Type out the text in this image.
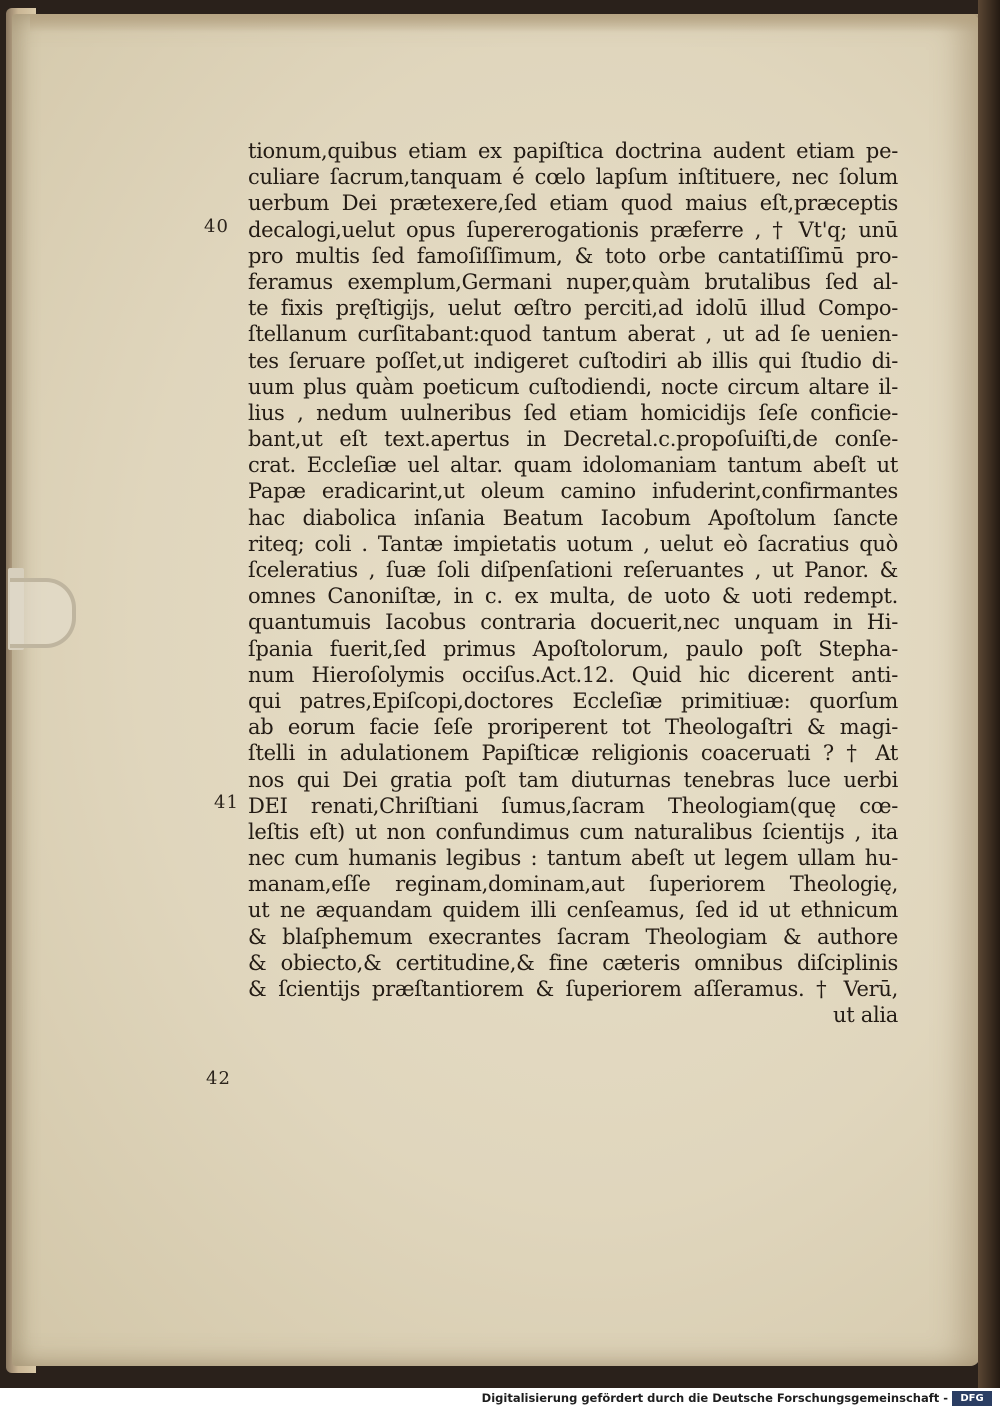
40
41
42
tionum,quibus etiam ex papiſtica doctrina audent etiam pe-
culiare ſacrum,tanquam é cœlo lapſum inſtituere, nec ſolum
uerbum Dei prætexere,ſed etiam quod maius eſt,præceptis
decalogi,uelut opus ſupererogationis præferre , † Vt'q; unū
pro multis ſed famoſiſſimum, & toto orbe cantatiſſimū pro-
feramus exemplum,Germani nuper,quàm brutalibus ſed al-
te fixis pręſtigijs, uelut œſtro perciti,ad idolū illud Compo-
ſtellanum curſitabant:quod tantum aberat , ut ad ſe uenien-
tes ſeruare poſſet,ut indigeret cuſtodiri ab illis qui ſtudio di-
uum plus quàm poeticum cuſtodiendi, nocte circum altare il-
lius , nedum uulneribus ſed etiam homicidijs ſeſe conficie-
bant,ut eſt text.apertus in Decretal.c.propoſuiſti,de conſe-
crat. Eccleſiæ uel altar. quam idolomaniam tantum abeſt ut
Papæ eradicarint,ut oleum camino infuderint,confirmantes
hac diabolica inſania Beatum Iacobum Apoſtolum ſancte
riteq; coli . Tantæ impietatis uotum , uelut eò ſacratius quò
ſceleratius , ſuæ ſoli diſpenſationi reſeruantes , ut Panor. &
omnes Canoniſtæ, in c. ex multa, de uoto & uoti redempt.
quantumuis Iacobus contraria docuerit,nec unquam in Hi-
ſpania fuerit,ſed primus Apoſtolorum, paulo poſt Stepha-
num Hieroſolymis occiſus.Act.12. Quid hic dicerent anti-
qui patres,Epiſcopi,doctores Eccleſiæ primitiuæ: quorſum
ab eorum facie ſeſe proriperent tot Theologaſtri & magi-
ſtelli in adulationem Papiſticæ religionis coaceruati ? † At
nos qui Dei gratia poſt tam diuturnas tenebras luce uerbi
DEI renati,Chriſtiani ſumus,ſacram Theologiam(quę cœ-
leſtis eſt) ut non confundimus cum naturalibus ſcientijs , ita
nec cum humanis legibus : tantum abeſt ut legem ullam hu-
manam,eſſe reginam,dominam,aut ſuperiorem Theologię,
ut ne æquandam quidem illi cenſeamus, ſed id ut ethnicum
& blaſphemum execrantes ſacram Theologiam & authore
& obiecto,& certitudine,& fine cæteris omnibus diſciplinis
& ſcientijs præſtantiorem & ſuperiorem aſſeramus. † Verū,
ut alia
Digitalisierung gefördert durch die Deutsche Forschungsgemeinschaft -	DFG
